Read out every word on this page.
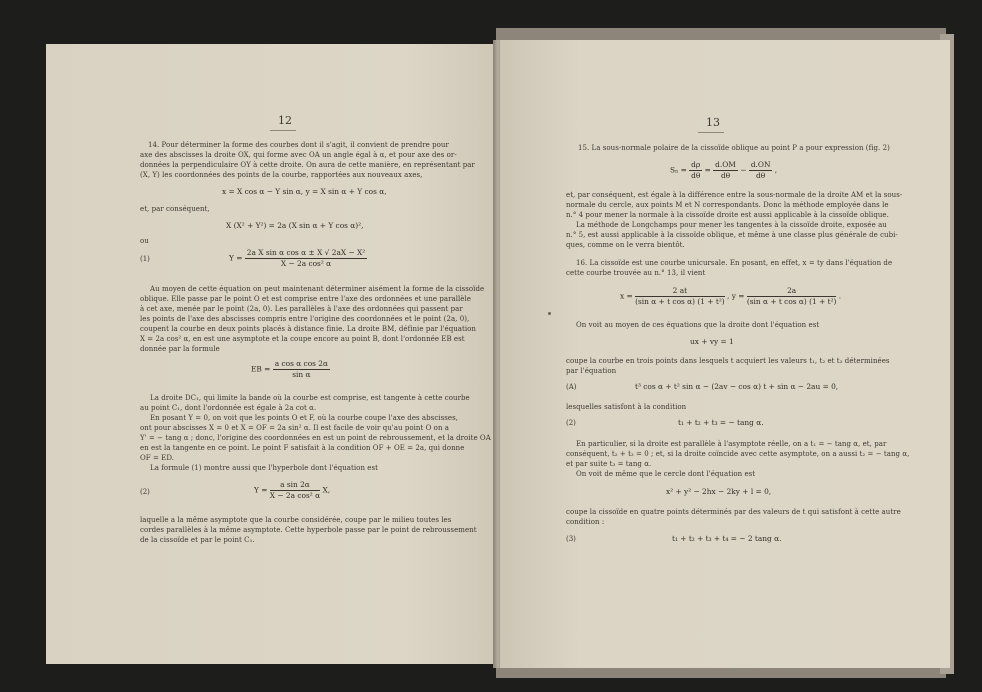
12
14. Pour déterminer la forme des courbes dont il s'agit, il convient de prendre pour
axe des abscisses la droite OX, qui forme avec OA un angle égal à α, et pour axe des or-
données la perpendiculaire OY à cette droite. On aura de cette manière, en représentant par
(X, Y) les coordonnées des points de la courbe, rapportées aux nouveaux axes,
x = X cos α − Y sin α, y = X sin α + Y cos α,
et, par conséquent,
X (X² + Y²) = 2a (X sin α + Y cos α)²,
ou
(1)	$Y = \frac{\text{2a X sin α cos α ± X √ 2aX − X²}}{\text{X − 2a cos² α}}$
Au moyen de cette équation on peut maintenant déterminer aisément la forme de la cissoïde
oblique. Elle passe par le point O et est comprise entre l'axe des ordonnées et une parallèle
à cet axe, menée par le point (2a, 0). Les parallèles à l'axe des ordonnées qui passent par
les points de l'axe des abscisses compris entre l'origine des coordonnées et le point (2a, 0),
coupent la courbe en deux points placés à distance finie. La droite BM, définie par l'équation
X = 2a cos² α, en est une asymptote et la coupe encore au point B, dont l'ordonnée EB est
donnée par la formule
EB = $\frac{\text{a cos α cos 2α}}{\text{sin α}}$
La droite DC₁, qui limite la bande où la courbe est comprise, est tangente à cette courbe
au point C₁, dont l'ordonnée est égale à 2a cot α.
En posant Y = 0, on voit que les points O et F, où la courbe coupe l'axe des abscisses,
ont pour abscisses X = 0 et X = OF = 2a sin² α. Il est facile de voir qu'au point O on a
Y' = − tang α ; donc, l'origine des coordonnées en est un point de rebroussement, et la droite OA
en est la tangente en ce point. Le point F satisfait à la condition OF + OE = 2a, qui donne
OF = ED.
La formule (1) montre aussi que l'hyperbole dont l'équation est
(2)	$Y = \frac{\text{a sin 2α}}{\text{X − 2a cos² α}} X$,
laquelle a la même asymptote que la courbe considérée, coupe par le milieu toutes les
cordes parallèles à la même asymptote. Cette hyperbole passe par le point de rebroussement
de la cissoïde et par le point C₁.
13
15. La sous-normale polaire de la cissoïde oblique au point P a pour expression (fig. 2)
$S_n = \frac{d\rho}{d\theta} = \frac{d.OM}{d\theta} - \frac{d.ON}{d\theta}$ ,
et, par conséquent, est égale à la différence entre la sous-normale de la droite AM et la sous-
normale du cercle, aux points M et N correspondants. Donc la méthode employée dans le
n.° 4 pour mener la normale à la cissoïde droite est aussi applicable à la cissoïde oblique.
La méthode de Longchamps pour mener les tangentes à la cissoïde droite, exposée au
n.° 5, est aussi applicable à la cissoïde oblique, et même à une classe plus générale de cubi-
ques, comme on le verra bientôt.
16. La cissoïde est une courbe unicursale. En posant, en effet, x = ty dans l'équation de
cette courbe trouvée au n.° 13, il vient
$x = \frac{2 at}{\text{(sin α + t cos α) (1 + t²)}}$ , $y = \frac{2a}{\text{(sin α + t cos α) (1 + t²)}}$ .
On voit au moyen de ces équations que la droite dont l'équation est
ux + vy = 1
coupe la courbe en trois points dans lesquels t acquiert les valeurs t₁, t₂ et t₃ déterminées
par l'équation
(A)	t³ cos α + t² sin α − (2av − cos α) t + sin α − 2au = 0,
lesquelles satisfont à la condition
(2)	t₁ + t₂ + t₃ = − tang α.
En particulier, si la droite est parallèle à l'asymptote réelle, on a t₁ = − tang α, et, par
conséquent, t₂ + t₃ = 0 ; et, si la droite coïncide avec cette asymptote, on a aussi t₂ = − tang α,
et par suite t₃ = tang α.
On voit de même que le cercle dont l'équation est
x² + y² − 2hx − 2ky + l = 0,
coupe la cissoïde en quatre points déterminés par des valeurs de t qui satisfont à cette autre
condition :
(3)	t₁ + t₂ + t₃ + t₄ = − 2 tang α.
